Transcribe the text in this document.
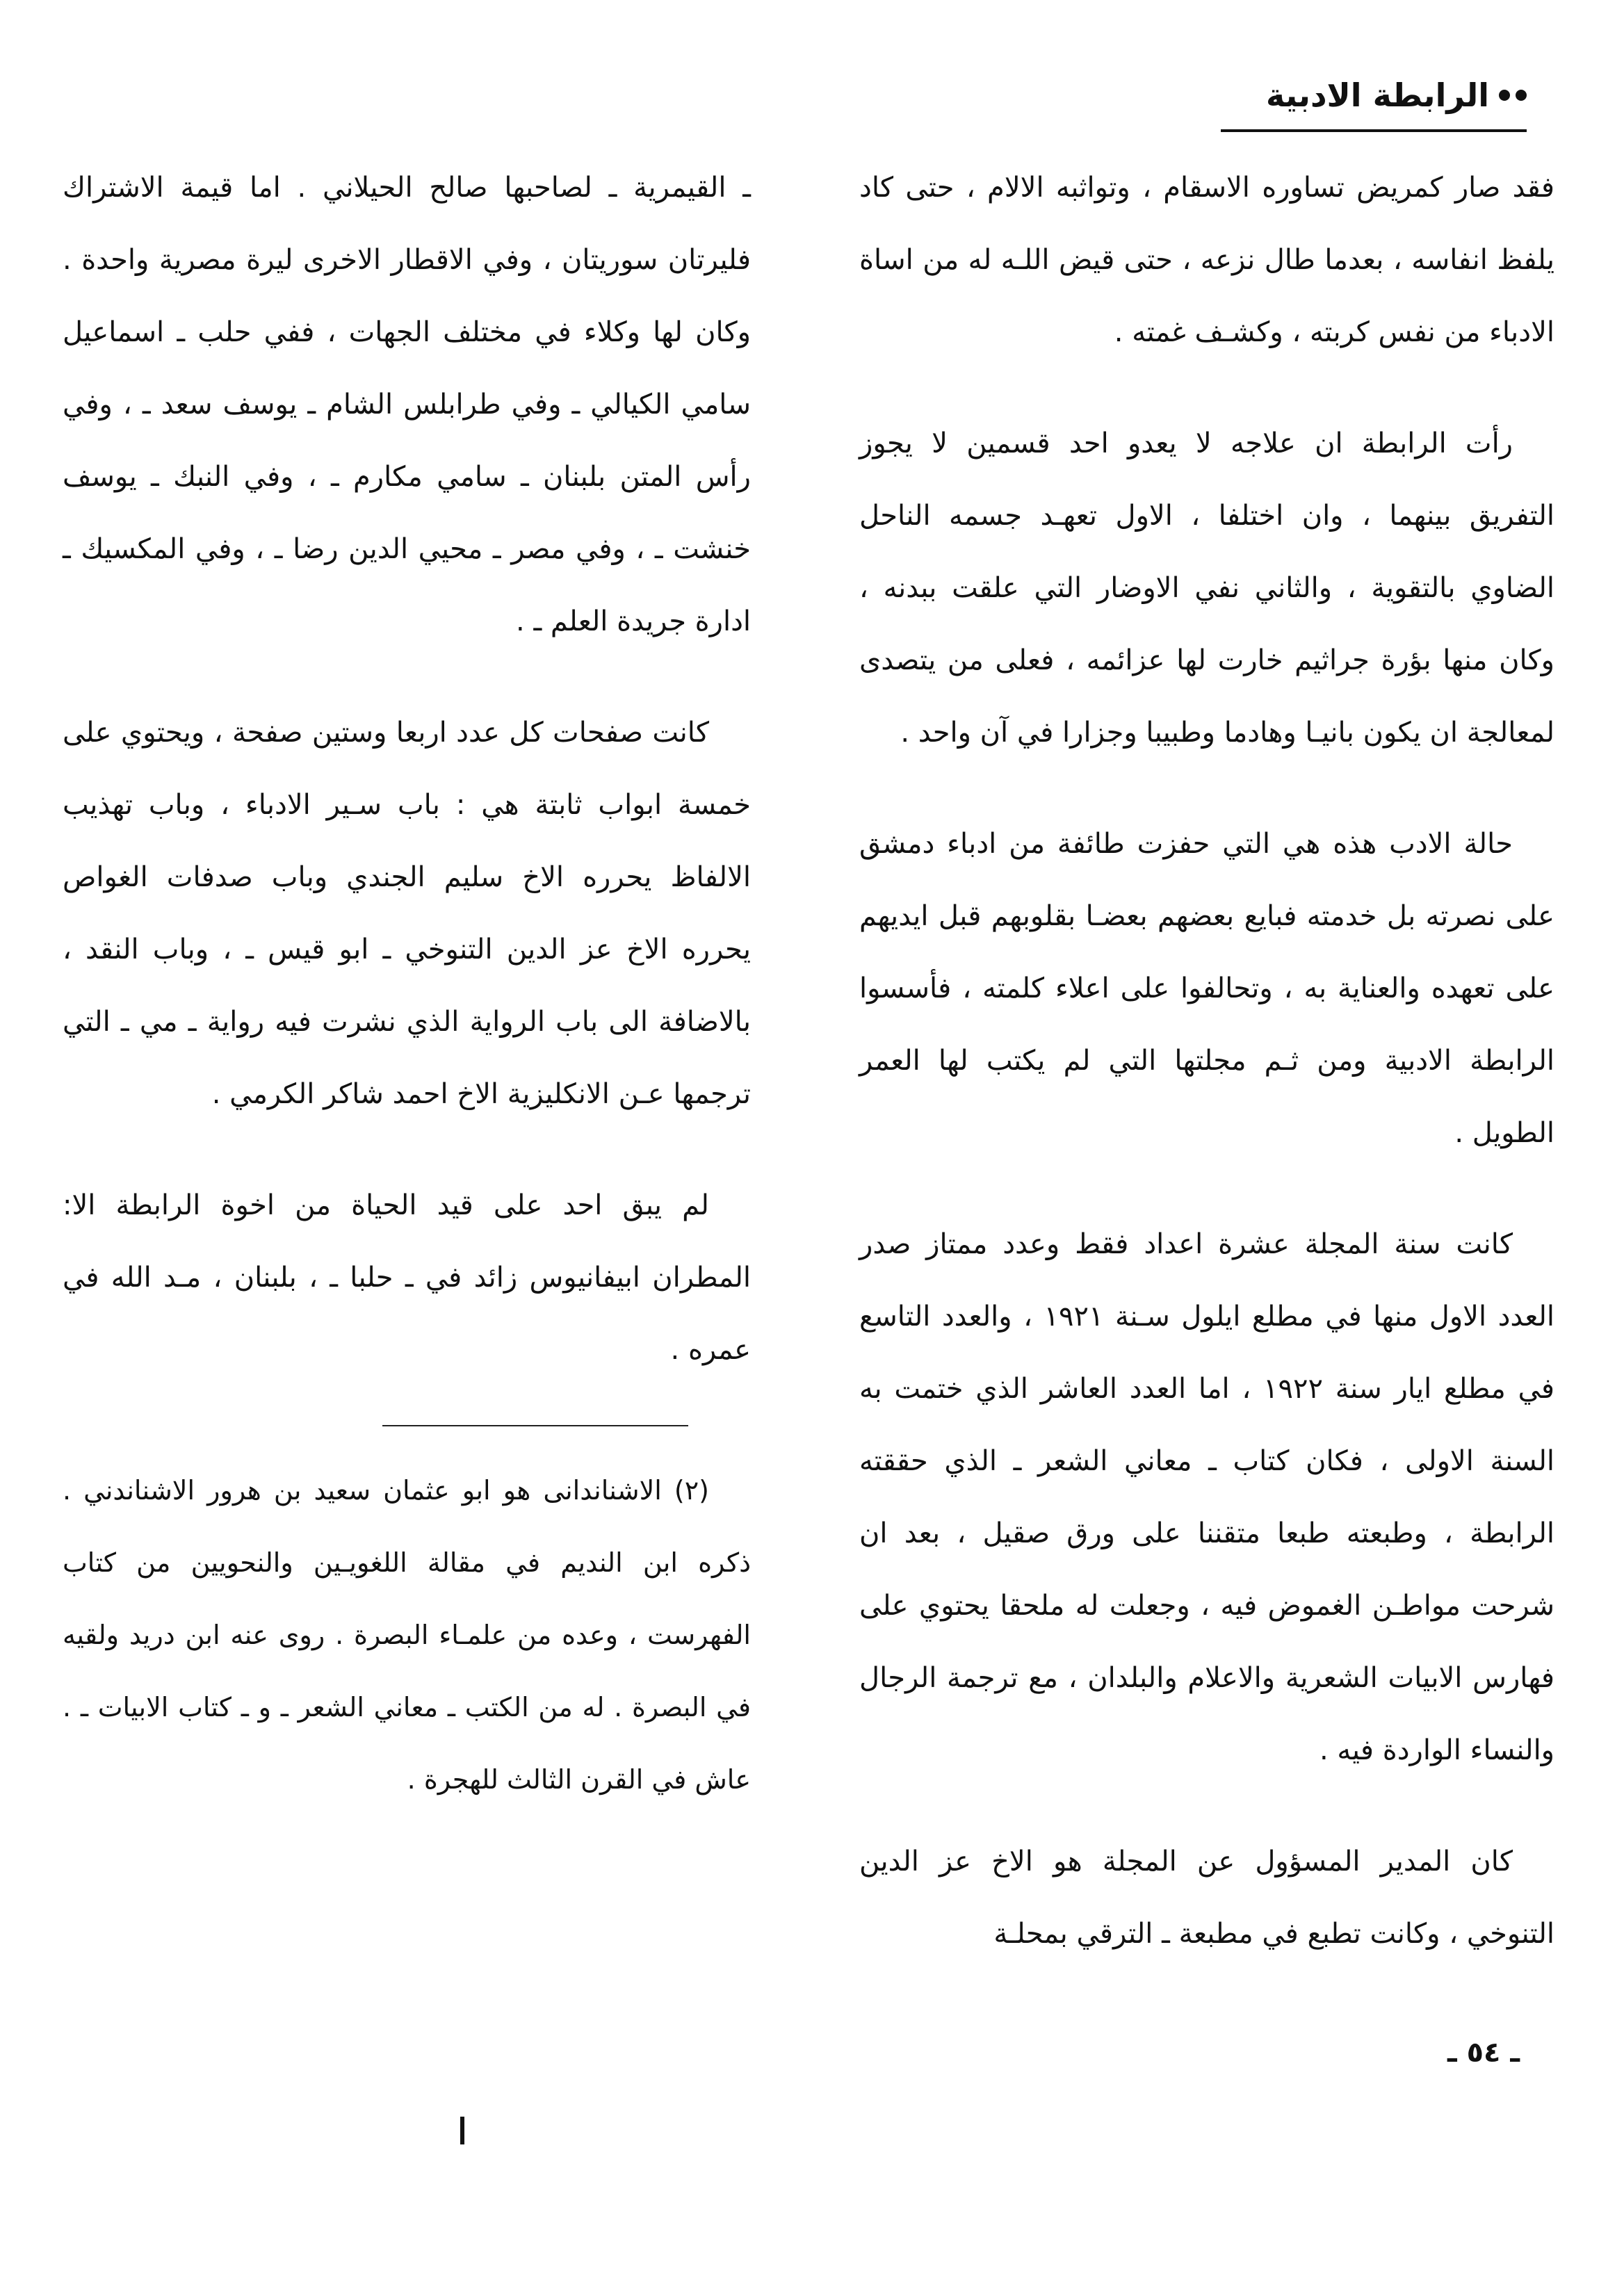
الرابطة الادبية

فقد صار كمريض تساوره الاسقام ، وتواثبه الالام ، حتى كاد يلفظ انفاسه ، بعدما طال نزعه ، حتى قيض اللـه له من اساة الادباء من نفس كربته ، وكشـف غمته .

رأت الرابطة ان علاجه لا يعدو احد قسمين لا يجوز التفريق بينهما ، وان اختلفا ، الاول تعهـد جسمه الناحل الضاوي بالتقوية ، والثاني نفي الاوضار التي علقت ببدنه ، وكان منها بؤرة جراثيم خارت لها عزائمه ، فعلى من يتصدى لمعالجة ان يكون بانيـا وهادما وطبيبا وجزارا في آن واحد .

حالة الادب هذه هي التي حفزت طائفة من ادباء دمشق على نصرته بل خدمته فبايع بعضهم بعضـا بقلوبهم قبل ايديهم على تعهده والعناية به ، وتحالفوا على اعلاء كلمته ، فأسسوا الرابطة الادبية ومن ثـم مجلتها التي لم يكتب لها العمر الطويل .

كانت سنة المجلة عشرة اعداد فقط وعدد ممتاز صدر العدد الاول منها في مطلع ايلول سـنة ١٩٢١ ، والعدد التاسع في مطلع ايار سنة ١٩٢٢ ، اما العدد العاشر الذي ختمت به السنة الاولى ، فكان كتاب ـ معاني الشعر ـ الذي حققته الرابطة ، وطبعته طبعا متقننا على ورق صقيل ، بعد ان شرحت مواطـن الغموض فيه ، وجعلت له ملحقا يحتوي على فهارس الابيات الشعرية والاعلام والبلدان ، مع ترجمة الرجال والنساء الواردة فيه .

كان المدير المسؤول عن المجلة هو الاخ عز الدين التنوخي ، وكانت تطبع في مطبعة ـ الترقي بمحلـة

ـ القيمرية ـ لصاحبها صالح الحيلاني . اما قيمة الاشتراك فليرتان سوريتان ، وفي الاقطار الاخرى ليرة مصرية واحدة . وكان لها وكلاء في مختلف الجهات ، ففي حلب ـ اسماعيل سامي الكيالي ـ وفي طرابلس الشام ـ يوسف سعد ـ ، وفي رأس المتن بلبنان ـ سامي مكارم ـ ، وفي النبك ـ يوسف خنشت ـ ، وفي مصر ـ محيي الدين رضا ـ ، وفي المكسيك ـ ادارة جريدة العلم ـ .

كانت صفحات كل عدد اربعا وستين صفحة ، ويحتوي على خمسة ابواب ثابتة هي : باب سـير الادباء ، وباب تهذيب الالفاظ يحرره الاخ سليم الجندي وباب صدفات الغواص يحرره الاخ عز الدين التنوخي ـ ابو قيس ـ ، وباب النقد ، بالاضافة الى باب الرواية الذي نشرت فيه رواية ـ مي ـ التي ترجمها عـن الانكليزية الاخ احمد شاكر الكرمي .

لم يبق احد على قيد الحياة من اخوة الرابطة الا: المطران ابيفانيوس زائد في ـ حلبا ـ ، بلبنان ، مـد الله في عمره .

(٢) الاشناندانی هو ابو عثمان سعيد بن هرور الاشناندني . ذكره ابن النديم في مقالة اللغويـين والنحويين من كتاب الفهرست ، وعده من علمـاء البصرة . روى عنه ابن دريد ولقيه في البصرة . له من الكتب ـ معاني الشعر ـ و ـ كتاب الابيات ـ . عاش في القرن الثالث للهجرة .

ـ ٥٤ ـ
